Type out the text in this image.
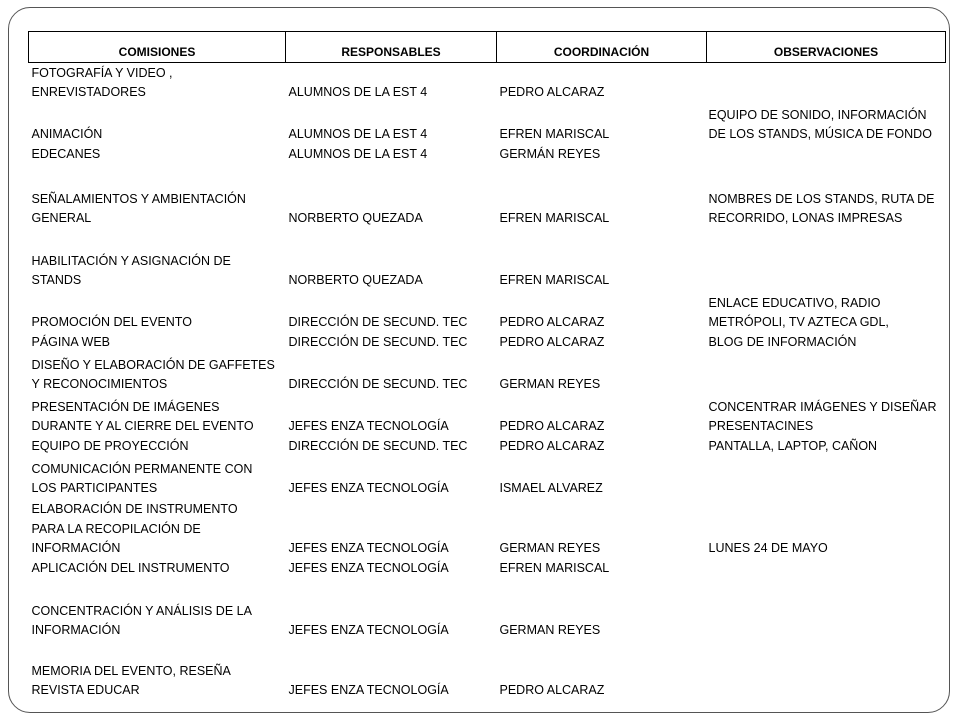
COMISIONES	RESPONSABLES	COORDINACIÓN	OBSERVACIONES
FOTOGRAFÍA Y VIDEO ,
ENREVISTADORES	ALUMNOS DE LA EST 4	PEDRO ALCARAZ	
ANIMACIÓN	ALUMNOS DE LA EST 4	EFREN MARISCAL	EQUIPO DE SONIDO, INFORMACIÓN
DE LOS STANDS, MÚSICA DE FONDO
EDECANES	ALUMNOS DE LA EST 4	GERMÁN REYES	
SEÑALAMIENTOS Y AMBIENTACIÓN
GENERAL	NORBERTO QUEZADA	EFREN MARISCAL	NOMBRES DE LOS STANDS, RUTA DE
RECORRIDO, LONAS IMPRESAS
HABILITACIÓN Y ASIGNACIÓN DE
STANDS	NORBERTO QUEZADA	EFREN MARISCAL	
PROMOCIÓN DEL EVENTO	DIRECCIÓN DE SECUND. TEC	PEDRO ALCARAZ	ENLACE EDUCATIVO, RADIO
METRÓPOLI, TV AZTECA GDL,
PÁGINA WEB	DIRECCIÓN DE SECUND. TEC	PEDRO ALCARAZ	BLOG DE INFORMACIÓN
DISEÑO Y ELABORACIÓN DE GAFFETES
Y RECONOCIMIENTOS	DIRECCIÓN DE SECUND. TEC	GERMAN REYES	
PRESENTACIÓN DE IMÁGENES
DURANTE Y AL CIERRE DEL EVENTO	JEFES ENZA TECNOLOGÍA	PEDRO ALCARAZ	CONCENTRAR IMÁGENES Y DISEÑAR
PRESENTACINES
EQUIPO DE PROYECCIÓN	DIRECCIÓN DE SECUND. TEC	PEDRO ALCARAZ	PANTALLA, LAPTOP, CAÑON
COMUNICACIÓN PERMANENTE CON
LOS PARTICIPANTES	JEFES ENZA TECNOLOGÍA	ISMAEL ALVAREZ	
ELABORACIÓN DE INSTRUMENTO
PARA LA RECOPILACIÓN DE
INFORMACIÓN	JEFES ENZA TECNOLOGÍA	GERMAN REYES	LUNES 24 DE MAYO
APLICACIÓN DEL INSTRUMENTO	JEFES ENZA TECNOLOGÍA	EFREN MARISCAL	
CONCENTRACIÓN Y ANÁLISIS DE LA
INFORMACIÓN	JEFES ENZA TECNOLOGÍA	GERMAN REYES	
MEMORIA DEL EVENTO, RESEÑA
REVISTA EDUCAR	JEFES ENZA TECNOLOGÍA	PEDRO ALCARAZ	
